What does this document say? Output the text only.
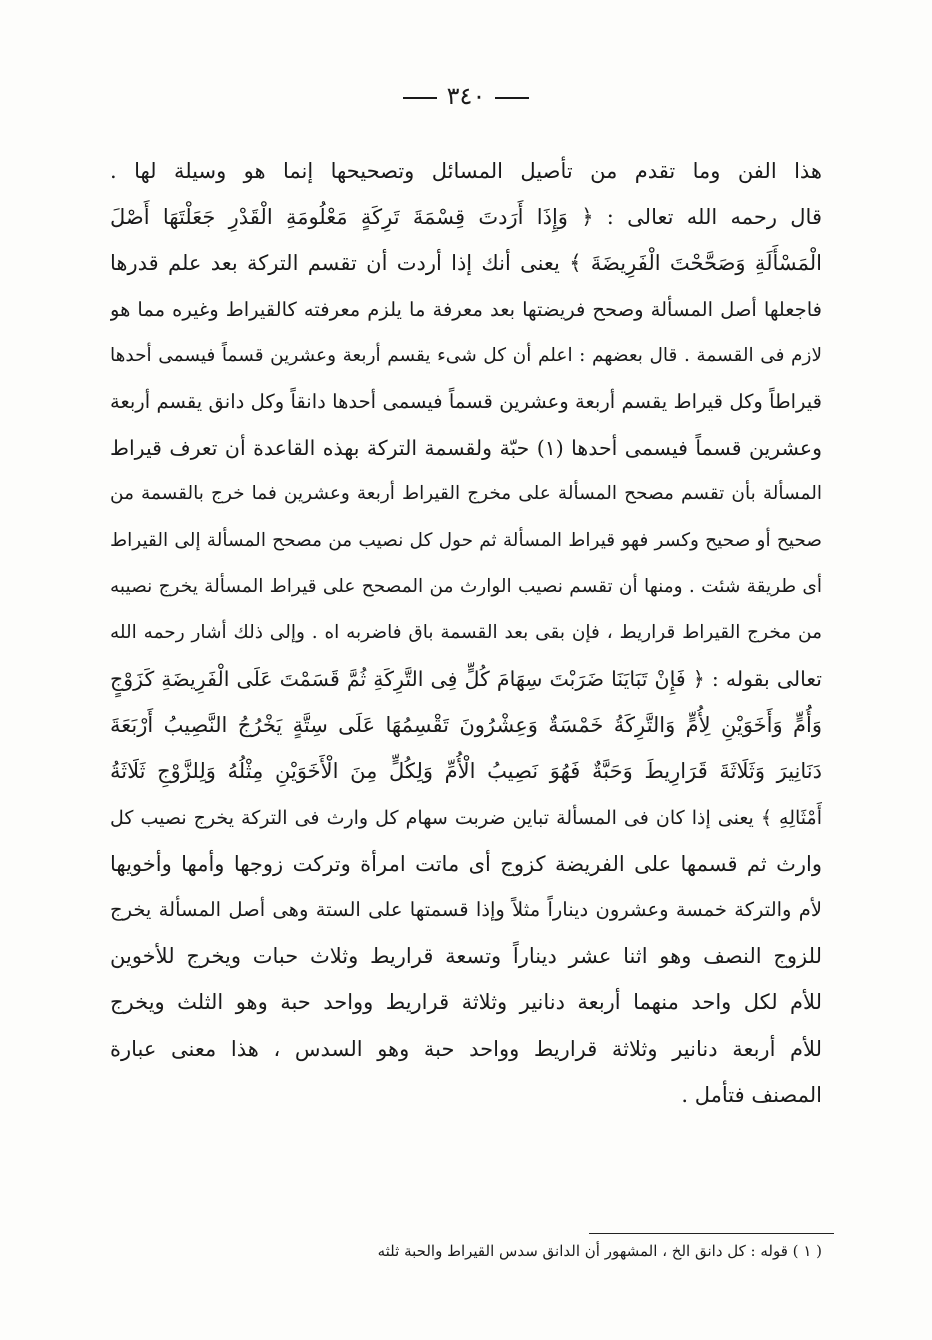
٣٤٠
هذا الفن وما تقدم من تأصيل المسائل وتصحيحها إنما هو وسيلة لها .
قال رحمه الله تعالى : ﴿ وَإِذَا أَرَدتَ قِسْمَةَ تَرِكَةٍ مَعْلُومَةِ الْقَدْرِ جَعَلْتَهَا أَصْلَ
الْمَسْأَلَةِ وَصَحَّحْتَ الْفَرِيضَةَ ﴾ يعنى أنك إذا أردت أن تقسم التركة بعد علم قدرها
فاجعلها أصل المسألة وصحح فريضتها بعد معرفة ما يلزم معرفته كالقيراط وغيره مما هو
لازم فى القسمة . قال بعضهم : اعلم أن كل شىء يقسم أربعة وعشرين قسماً فيسمى أحدها
قيراطاً وكل قيراط يقسم أربعة وعشرين قسماً فيسمى أحدها دانقاً وكل دانق يقسم أربعة
وعشرين قسماً فيسمى أحدها (١) حبّة ولقسمة التركة بهذه القاعدة أن تعرف قيراط
المسألة بأن تقسم مصحح المسألة على مخرج القيراط أربعة وعشرين فما خرج بالقسمة من
صحيح أو صحيح وكسر فهو قيراط المسألة ثم حول كل نصيب من مصحح المسألة إلى القيراط
أى طريقة شئت . ومنها أن تقسم نصيب الوارث من المصحح على قيراط المسألة يخرج نصيبه
من مخرج القيراط قراريط ، فإن بقى بعد القسمة باق فاضربه اه . وإلى ذلك أشار رحمه الله
تعالى بقوله : ﴿ فَإِنْ تَبَايَنَا ضَرَبْتَ سِهَامَ كُلٍّ فِى التَّرِكَةِ ثُمَّ قَسَمْتَ عَلَى الْفَرِيضَةِ كَزَوْجٍ
وَأُمٍّ وَأَخَوَيْنِ لِأُمٍّ وَالتَّرِكَةُ خَمْسَةٌ وَعِشْرُونَ تَقْسِمُهَا عَلَى سِتَّةٍ يَخْرُجُ النَّصِيبُ أَرْبَعَةَ
دَنَانِيرَ وَثَلَاثَةَ قَرَارِيطَ وَحَبَّةٌ فَهُوَ نَصِيبُ الْأُمِّ وَلِكُلٍّ مِنَ الْأَخَوَيْنِ مِثْلُهُ وَلِلزَّوْجِ ثَلَاثَةُ
أَمْثَالِهِ ﴾ يعنى إذا كان فى المسألة تباين ضربت سهام كل وارث فى التركة يخرج نصيب كل
وارث ثم قسمها على الفريضة كزوج أى ماتت امرأة وتركت زوجها وأمها وأخويها
لأم والتركة خمسة وعشرون ديناراً مثلاً وإذا قسمتها على الستة وهى أصل المسألة يخرج
للزوج النصف وهو اثنا عشر ديناراً وتسعة قراريط وثلاث حبات ويخرج للأخوين
للأم لكل واحد منهما أربعة دنانير وثلاثة قراريط وواحد حبة وهو الثلث ويخرج
للأم أربعة دنانير وثلاثة قراريط وواحد حبة وهو السدس ، هذا معنى عبارة
المصنف فتأمل .
( ١ ) قوله : كل دانق الخ ، المشهور أن الدانق سدس القيراط والحبة ثلثه
